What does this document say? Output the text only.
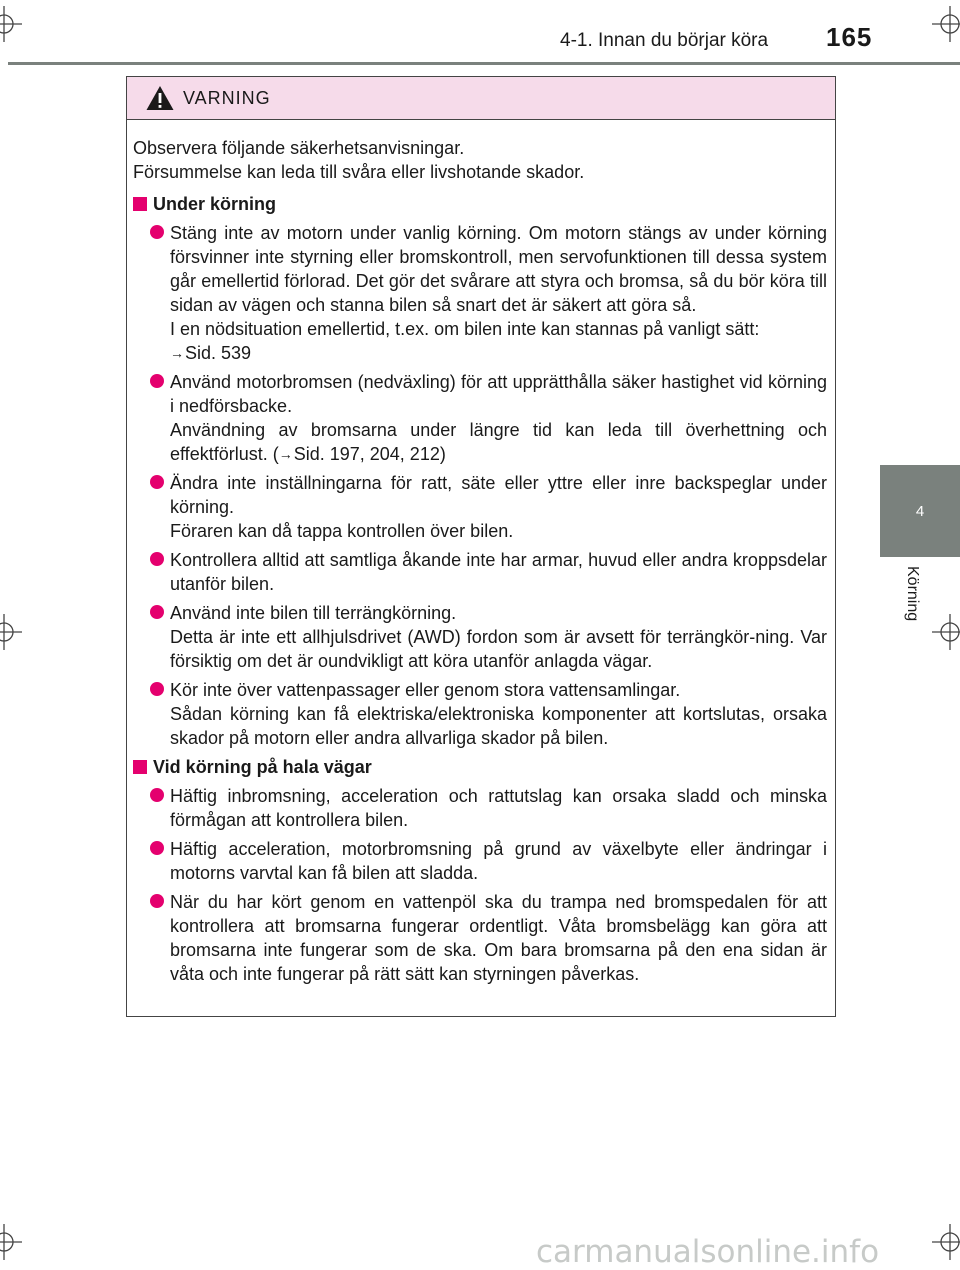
4-1. Innan du börjar köra 165
4
Körning
VARNING
Observera följande säkerhetsanvisningar.
Försummelse kan leda till svåra eller livshotande skador.
Under körning

Stäng inte av motorn under vanlig körning. Om motorn stängs av under körning försvinner inte styrning eller bromskontroll, men servofunktionen till dessa system går emellertid förlorad. Det gör det svårare att styra och bromsa, så du bör köra till sidan av vägen och stanna bilen så snart det är säkert att göra så.

I en nödsituation emellertid, t.ex. om bilen inte kan stannas på vanligt sätt:

→Sid. 539

Använd motorbromsen (nedväxling) för att upprätthålla säker hastighet vid körning i nedförsbacke.

Användning av bromsarna under längre tid kan leda till överhettning och effektförlust. (→Sid. 197, 204, 212)

Ändra inte inställningarna för ratt, säte eller yttre eller inre backspeglar under körning.

Föraren kan då tappa kontrollen över bilen.

Kontrollera alltid att samtliga åkande inte har armar, huvud eller andra kroppsdelar utanför bilen.

Använd inte bilen till terrängkörning.

Detta är inte ett allhjulsdrivet (AWD) fordon som är avsett för terrängkör-ning. Var försiktig om det är oundvikligt att köra utanför anlagda vägar.

Kör inte över vattenpassager eller genom stora vattensamlingar.

Sådan körning kan få elektriska/elektroniska komponenter att kortslutas, orsaka skador på motorn eller andra allvarliga skador på bilen.

Vid körning på hala vägar

Häftig inbromsning, acceleration och rattutslag kan orsaka sladd och minska förmågan att kontrollera bilen.

Häftig acceleration, motorbromsning på grund av växelbyte eller ändringar i motorns varvtal kan få bilen att sladda.

När du har kört genom en vattenpöl ska du trampa ned bromspedalen för att kontrollera att bromsarna fungerar ordentligt. Våta bromsbelägg kan göra att bromsarna inte fungerar som de ska. Om bara bromsarna på den ena sidan är våta och inte fungerar på rätt sätt kan styrningen påverkas.

carmanualsonline.info
